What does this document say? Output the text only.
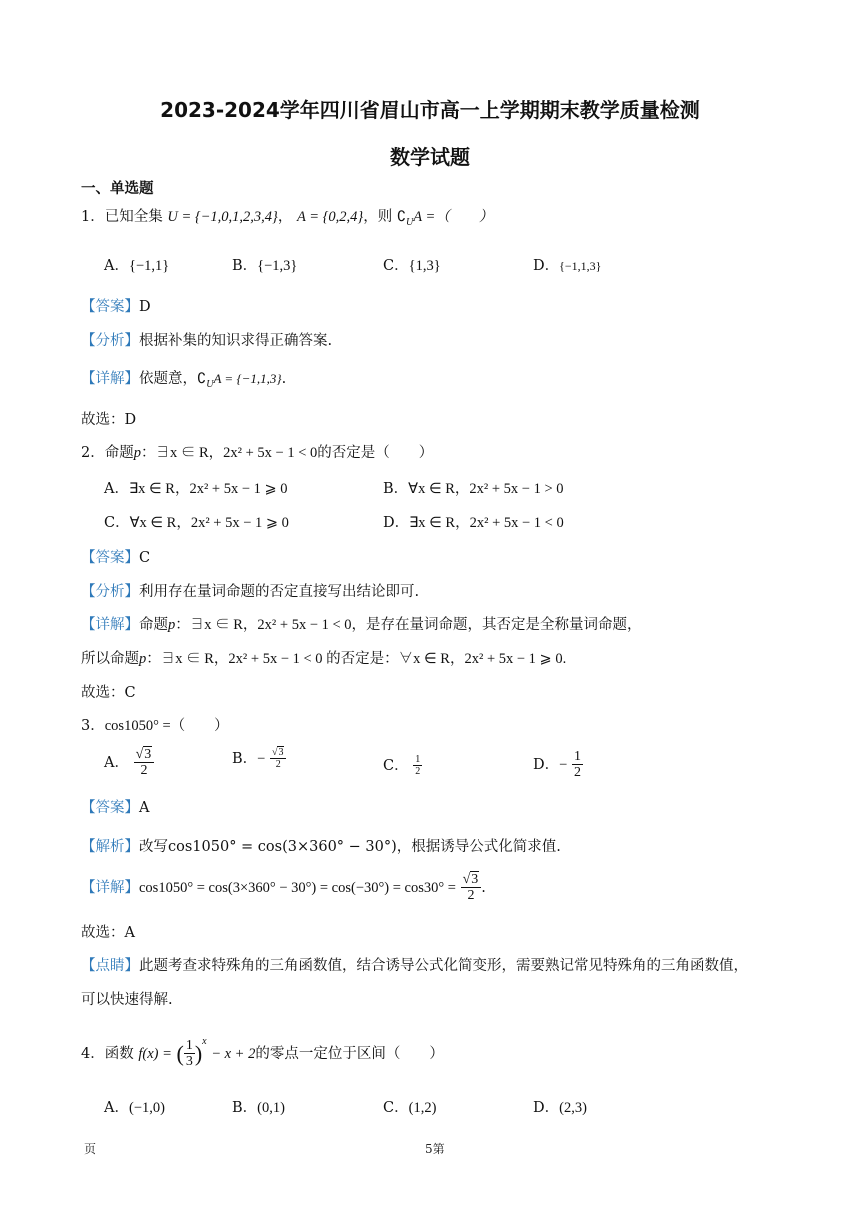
2023-2024学年四川省眉山市高一上学期期末教学质量检测
数学试题
一、单选题
1．已知全集 U = {−1,0,1,2,3,4}， A = {0,2,4}，则 $∁_UA$ =（　　）
A．{−1,1}	B．{−1,3}	C．{1,3}	D．{−1,1,3}
【答案】D
【分析】根据补集的知识求得正确答案.
【详解】依题意，$∁_UA = \{-1,1,3\}$.
故选：D
2．命题p：∃x ∈ R，2x² + 5x − 1 < 0的否定是（　　）
A．∃x ∈ R，2x² + 5x − 1 ⩾ 0	B．∀x ∈ R，2x² + 5x − 1 > 0
C．∀x ∈ R，2x² + 5x − 1 ⩾ 0	D．∃x ∈ R，2x² + 5x − 1 < 0
【答案】C
【分析】利用存在量词命题的否定直接写出结论即可.
【详解】命题p：∃x ∈ R，2x² + 5x − 1 < 0，是存在量词命题，其否定是全称量词命题，
所以命题p：∃x ∈ R，2x² + 5x − 1 < 0 的否定是：∀x ∈ R，2x² + 5x − 1 ⩾ 0.
故选：C
3．cos1050° =（　　）
A． $\frac{√3}{2}$	B．− $\frac{√3}{2}$	C． $\frac{1}{2}$	D．− $\frac{1}{2}$
【答案】A
【解析】改写cos1050° = cos(3×360° − 30°)，根据诱导公式化简求值.
【详解】$\cos 1050^\circ = \cos(3\times 360^\circ - 30^\circ) = \cos(-30^\circ) = \cos 30^\circ = \frac{√3}{2}$ .
故选：A
【点睛】此题考查求特殊角的三角函数值，结合诱导公式化简变形，需要熟记常见特殊角的三角函数值，
可以快速得解.
4．函数 f(x) = ( $\frac{1}{3} )^x - x + 2$的零点一定位于区间（　　）
A．(−1,0)	B．(0,1)	C．(1,2)	D．(2,3)
页	5第
